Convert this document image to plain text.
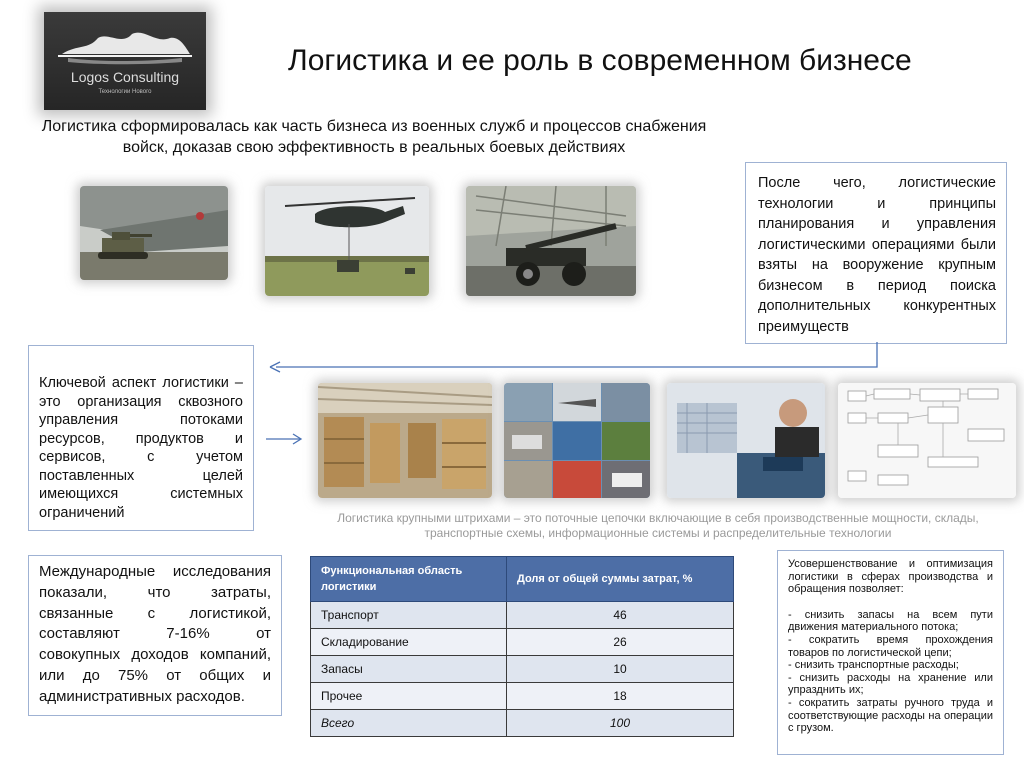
Logos Consulting
Технологии Нового
Логистика и ее роль в современном бизнесе
Логистика сформировалась как часть бизнеса из военных служб и процессов снабжения войск, доказав свою эффективность в реальных боевых действиях
После чего, логистические технологии и принципы планирования и управления логистическими операциями были взяты на вооружение крупным бизнесом в период поиска дополнительных конкурентных преимуществ
Ключевой аспект логистики – это организация сквозного управления потоками ресурсов, продуктов и сервисов, с учетом поставленных целей имеющихся системных ограничений	Логистика крупными штрихами – это поточные цепочки включающие в себя производственные мощности, склады, транспортные схемы, информационные системы и распределительные технологии
Международные исследования показали, что затраты, связанные с логистикой, составляют 7-16% от совокупных доходов компаний, или до 75% от общих и административных расходов.
Функциональная область логистики	Доля от общей суммы затрат, %
Транспорт	46
Складирование	26
Запасы	10
Прочее	18
Всего	100
Усовершенствование и оптимизация логистики в сферах производства и обращения позволяет:
- снизить запасы на всем пути движения материального потока;
- сократить время прохождения товаров по логистической цепи;
- снизить транспортные расходы;
- снизить расходы на хранение или упразднить их;
- сократить затраты ручного труда и соответствующие расходы на операции с грузом.
